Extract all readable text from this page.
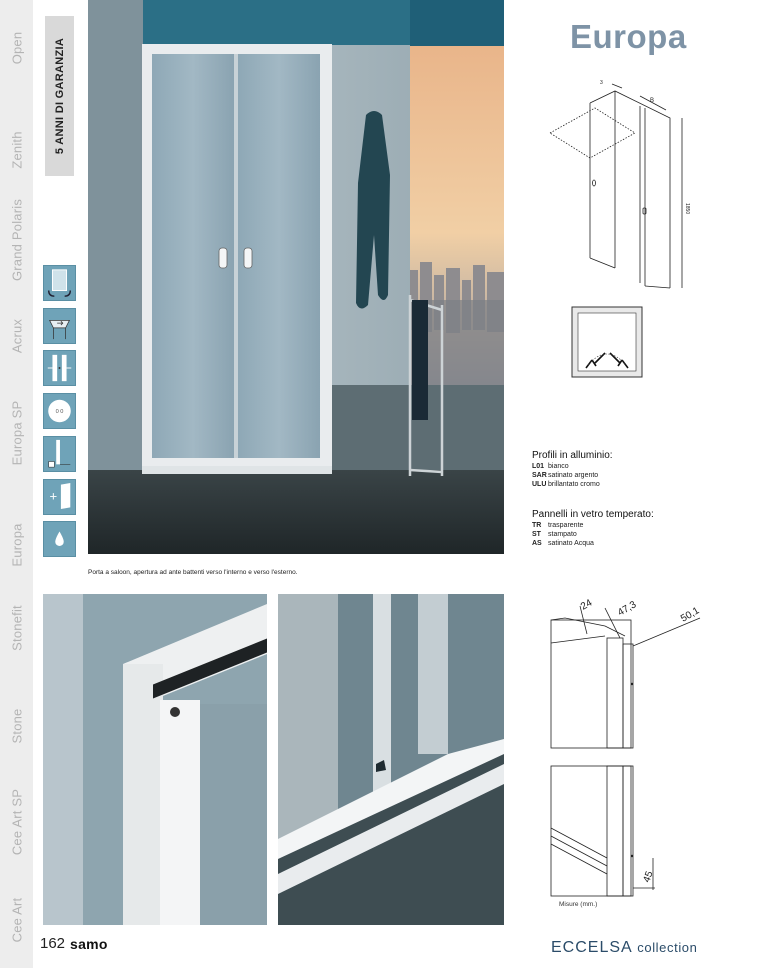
Open
Zenith
Grand Polaris
Acrux
Europa SP
Europa
Stonefit
Stone
Cee Art SP
Cee Art
5 ANNI DI GARANZIA
0 0
+
Porta a saloon, apertura ad ante battenti verso l'interno e verso l'esterno.
Europa
3
B
1850
Profili in alluminio:
L01 bianco
SAR satinato argento
ULU brillantato cromo
Pannelli in vetro temperato:
TR trasparente
ST	stampato
AS satinato Acqua
24 47,3	50,1
45
Misure (mm.)
162 samo	ECCELSA collection
